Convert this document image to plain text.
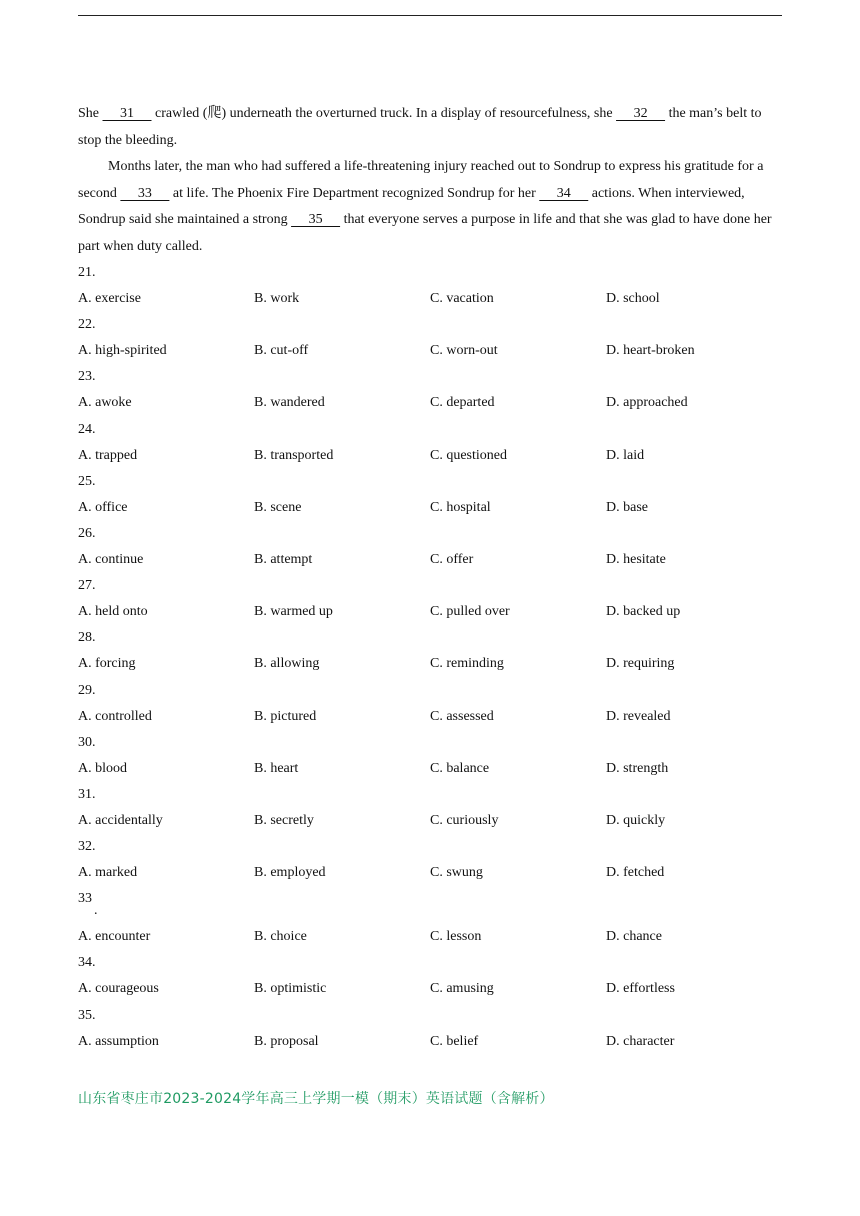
She      31      crawled (爬) underneath the overturned truck. In a display of resourcefulness, she      32      the man’s belt to stop the bleeding.

Months later, the man who had suffered a life-threatening injury reached out to Sondrup to express his gratitude for a second      33      at life. The Phoenix Fire Department recognized Sondrup for her      34      actions. When interviewed, Sondrup said she maintained a strong      35      that everyone serves a purpose in life and that she was glad to have done her part when duty called.

21.
A. exercise	B. work	C. vacation	D. school
22.
A. high-spirited	B. cut-off	C. worn-out	D. heart-broken
23.
A. awoke	B. wandered	C. departed	D. approached
24.
A. trapped	B. transported	C. questioned	D. laid
25.
A. office	B. scene	C. hospital	D. base
26.
A. continue	B. attempt	C. offer	D. hesitate
27.
A. held onto	B. warmed up	C. pulled over	D. backed up
28.
A. forcing	B. allowing	C. reminding	D. requiring
29.
A. controlled	B. pictured	C. assessed	D. revealed
30.
A. blood	B. heart	C. balance	D. strength
31.
A. accidentally	B. secretly	C. curiously	D. quickly
32.
A. marked	B. employed	C. swung	D. fetched
33
.
A. encounter	B. choice	C. lesson	D. chance
34.
A. courageous	B. optimistic	C. amusing	D. effortless
35.
A. assumption	B. proposal	C. belief	D. character
山东省枣庄市2023-2024学年高三上学期一模（期末）英语试题（含解析）
